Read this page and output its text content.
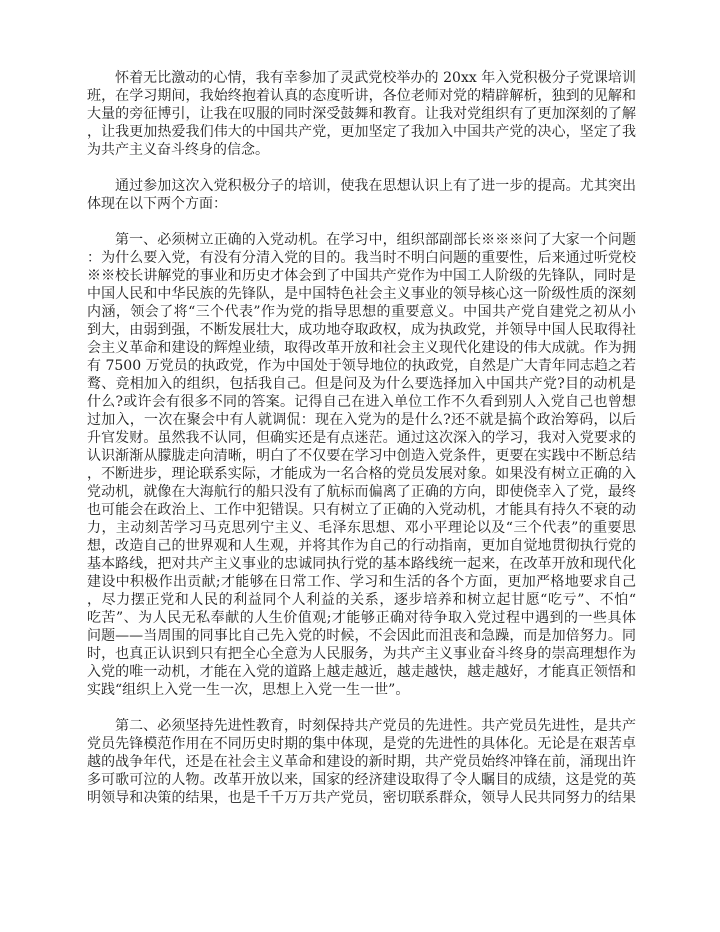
怀着无比激动的心情，我有幸参加了灵武党校举办的 20xx 年入党积极分子党课培训
班，在学习期间，我始终抱着认真的态度听讲，各位老师对党的精辟解析，独到的见解和
大量的旁征博引，让我在叹服的同时深受鼓舞和教育。让我对党组织有了更加深刻的了解
，让我更加热爱我们伟大的中国共产党，更加坚定了我加入中国共产党的决心，坚定了我
为共产主义奋斗终身的信念。
通过参加这次入党积极分子的培训，使我在思想认识上有了进一步的提高。尤其突出
体现在以下两个方面：
第一、必须树立正确的入党动机。在学习中，组织部副部长※※※问了大家一个问题
：为什么要入党，有没有分清入党的目的。我当时不明白问题的重要性，后来通过听党校
※※校长讲解党的事业和历史才体会到了中国共产党作为中国工人阶级的先锋队，同时是
中国人民和中华民族的先锋队，是中国特色社会主义事业的领导核心这一阶级性质的深刻
内涵，领会了将“三个代表”作为党的指导思想的重要意义。中国共产党自建党之初从小
到大，由弱到强，不断发展壮大，成功地夺取政权，成为执政党，并领导中国人民取得社
会主义革命和建设的辉煌业绩，取得改革开放和社会主义现代化建设的伟大成就。作为拥
有 7500 万党员的执政党，作为中国处于领导地位的执政党，自然是广大青年同志趋之若
鹜、竞相加入的组织，包括我自己。但是问及为什么要选择加入中国共产党?目的动机是
什么?或许会有很多不同的答案。记得自己在进入单位工作不久看到别人入党自己也曾想
过加入，一次在聚会中有人就调侃：现在入党为的是什么?还不就是搞个政治筹码，以后
升官发财。虽然我不认同，但确实还是有点迷茫。通过这次深入的学习，我对入党要求的
认识渐渐从朦胧走向清晰，明白了不仅要在学习中创造入党条件，更要在实践中不断总结
，不断进步，理论联系实际，才能成为一名合格的党员发展对象。如果没有树立正确的入
党动机，就像在大海航行的船只没有了航标而偏离了正确的方向，即使侥幸入了党，最终
也可能会在政治上、工作中犯错误。只有树立了正确的入党动机，才能具有持久不衰的动
力，主动刻苦学习马克思列宁主义、毛泽东思想、邓小平理论以及“三个代表”的重要思
想，改造自己的世界观和人生观，并将其作为自己的行动指南，更加自觉地贯彻执行党的
基本路线，把对共产主义事业的忠诚同执行党的基本路线统一起来，在改革开放和现代化
建设中积极作出贡献;才能够在日常工作、学习和生活的各个方面，更加严格地要求自己
，尽力摆正党和人民的利益同个人利益的关系，逐步培养和树立起甘愿“吃亏”、不怕“
吃苦”、为人民无私奉献的人生价值观;才能够正确对待争取入党过程中遇到的一些具体
问题——当周围的同事比自己先入党的时候，不会因此而沮丧和急躁，而是加倍努力。同
时，也真正认识到只有把全心全意为人民服务，为共产主义事业奋斗终身的崇高理想作为
入党的唯一动机，才能在入党的道路上越走越近，越走越快，越走越好，才能真正领悟和
实践“组织上入党一生一次，思想上入党一生一世”。
第二、必须坚持先进性教育，时刻保持共产党员的先进性。共产党员先进性，是共产
党员先锋模范作用在不同历史时期的集中体现，是党的先进性的具体化。无论是在艰苦卓
越的战争年代，还是在社会主义革命和建设的新时期，共产党员始终冲锋在前，涌现出许
多可歌可泣的人物。改革开放以来，国家的经济建设取得了令人瞩目的成绩，这是党的英
明领导和决策的结果，也是千千万万共产党员，密切联系群众，领导人民共同努力的结果
